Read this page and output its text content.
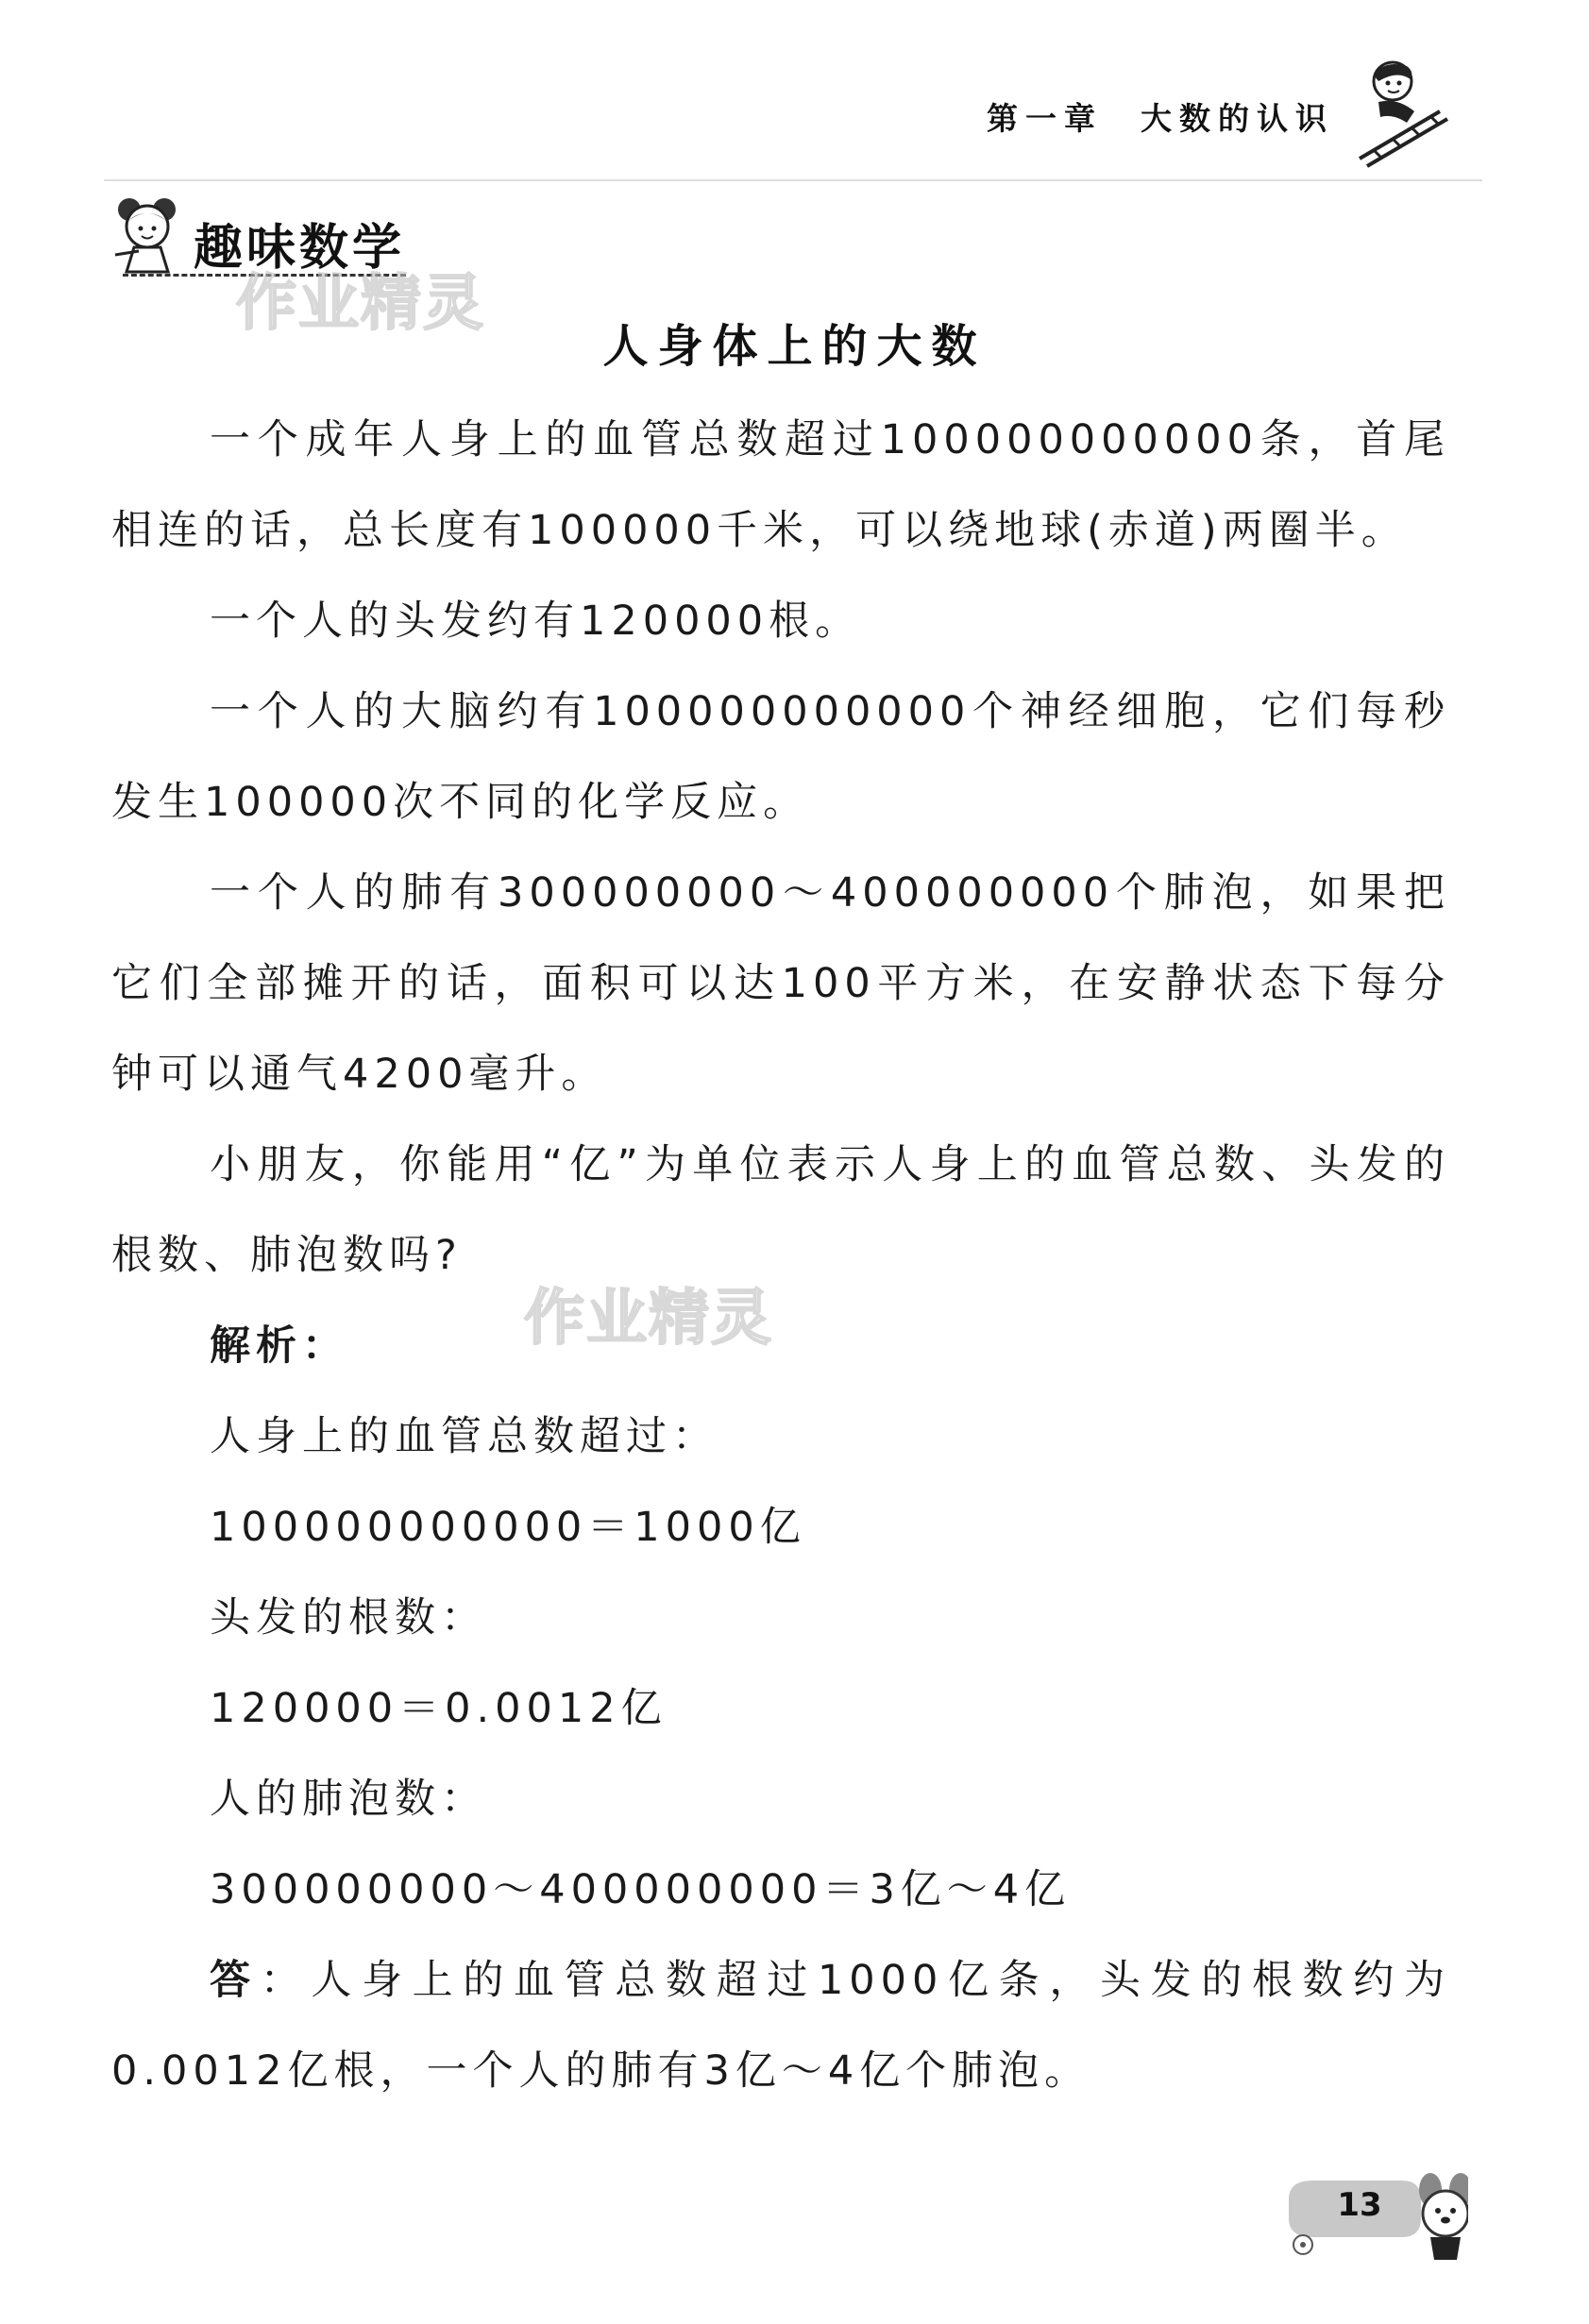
第一章 大数的认识
趣味数学
作业精灵
作业精灵
人身体上的大数

一个成年人身上的血管总数超过100000000000条，首尾相连的话，总长度有100000千米，可以绕地球(赤道)两圈半。

一个人的头发约有120000根。

一个人的大脑约有100000000000个神经细胞，它们每秒发生100000次不同的化学反应。

一个人的肺有300000000～400000000个肺泡，如果把它们全部摊开的话，面积可以达100平方米，在安静状态下每分钟可以通气4200毫升。

小朋友，你能用“亿”为单位表示人身上的血管总数、头发的根数、肺泡数吗?

解析：

人身上的血管总数超过：

100000000000＝1000亿

头发的根数：

120000＝0.0012亿

人的肺泡数：

300000000～400000000＝3亿～4亿

答：人身上的血管总数超过1000亿条，头发的根数约为0.0012亿根，一个人的肺有3亿～4亿个肺泡。

13
